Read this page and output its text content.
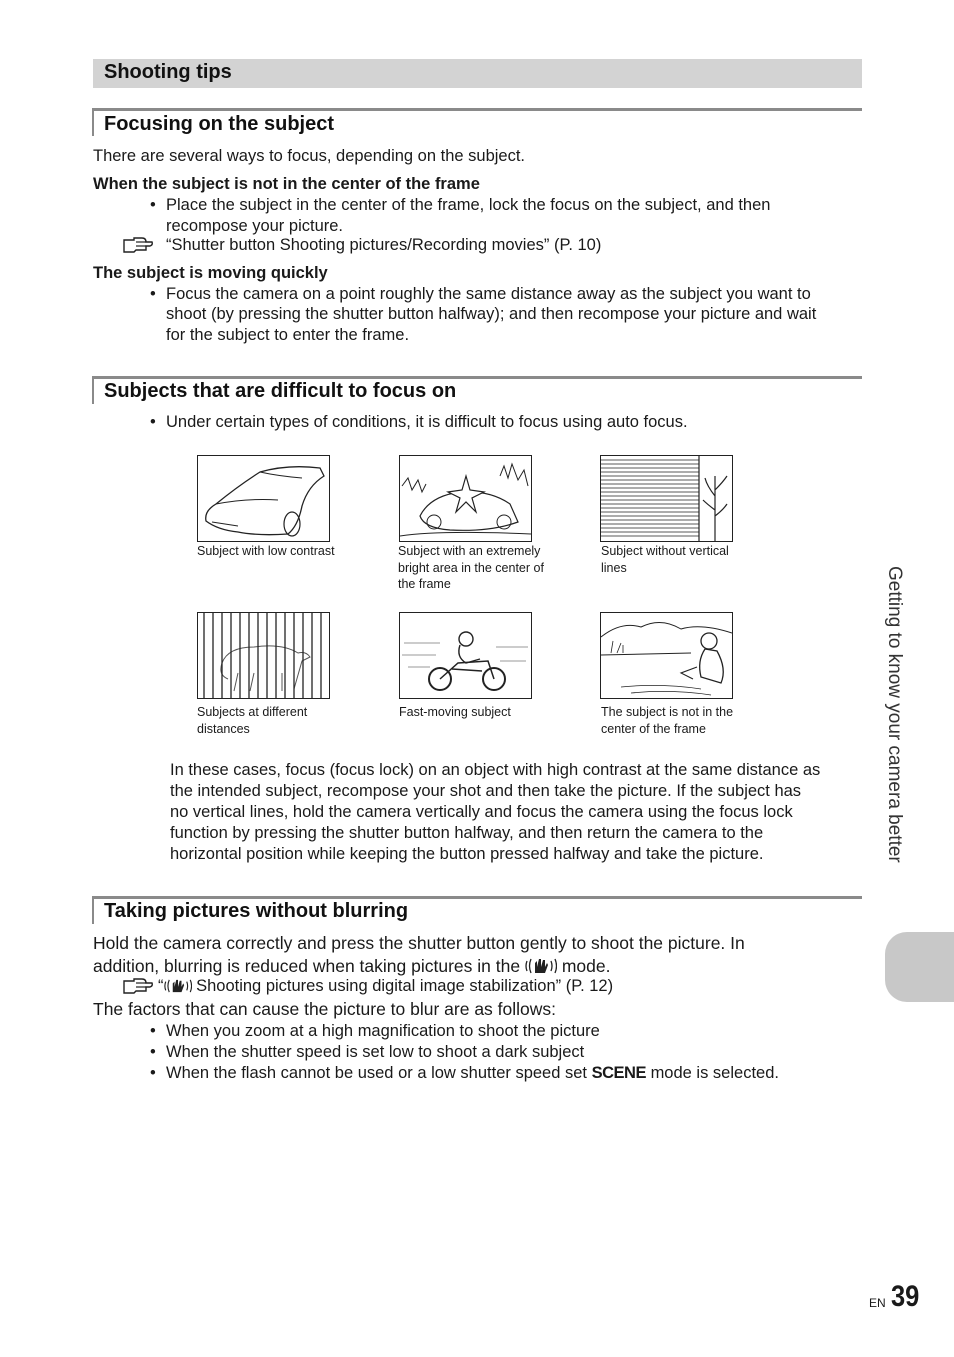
Shooting tips
Focusing on the subject
There are several ways to focus, depending on the subject.
When the subject is not in the center of the frame
• Place the subject in the center of the frame, lock the focus on the subject, and then
recompose your picture.
“Shutter button Shooting pictures/Recording movies” (P. 10)
The subject is moving quickly
• Focus the camera on a point roughly the same distance away as the subject you want to
shoot (by pressing the shutter button halfway); and then recompose your picture and wait
for the subject to enter the frame.
Subjects that are difficult to focus on
• Under certain types of conditions, it is difficult to focus using auto focus.
Subject with low contrast	Subject with an extremely
bright area in the center of
the frame
Subject without vertical
lines
Subjects at different
distances
Fast-moving subject	The subject is not in the
center of the frame
In these cases, focus (focus lock) on an object with high contrast at the same distance as
the intended subject, recompose your shot and then take the picture. If the subject has
no vertical lines, hold the camera vertically and focus the camera using the focus lock
function by pressing the shutter button halfway, and then return the camera to the
horizontal position while keeping the button pressed halfway and take the picture.
Taking pictures without blurring
Hold the camera correctly and press the shutter button gently to shoot the picture. In
addition, blurring is reduced when taking pictures in the mode.
“ Shooting pictures using digital image stabilization” (P. 12)
The factors that can cause the picture to blur are as follows:
• When you zoom at a high magnification to shoot the picture
• When the shutter speed is set low to shoot a dark subject
• When the flash cannot be used or a low shutter speed set SCENE mode is selected.
Getting to know your camera better
EN 39
